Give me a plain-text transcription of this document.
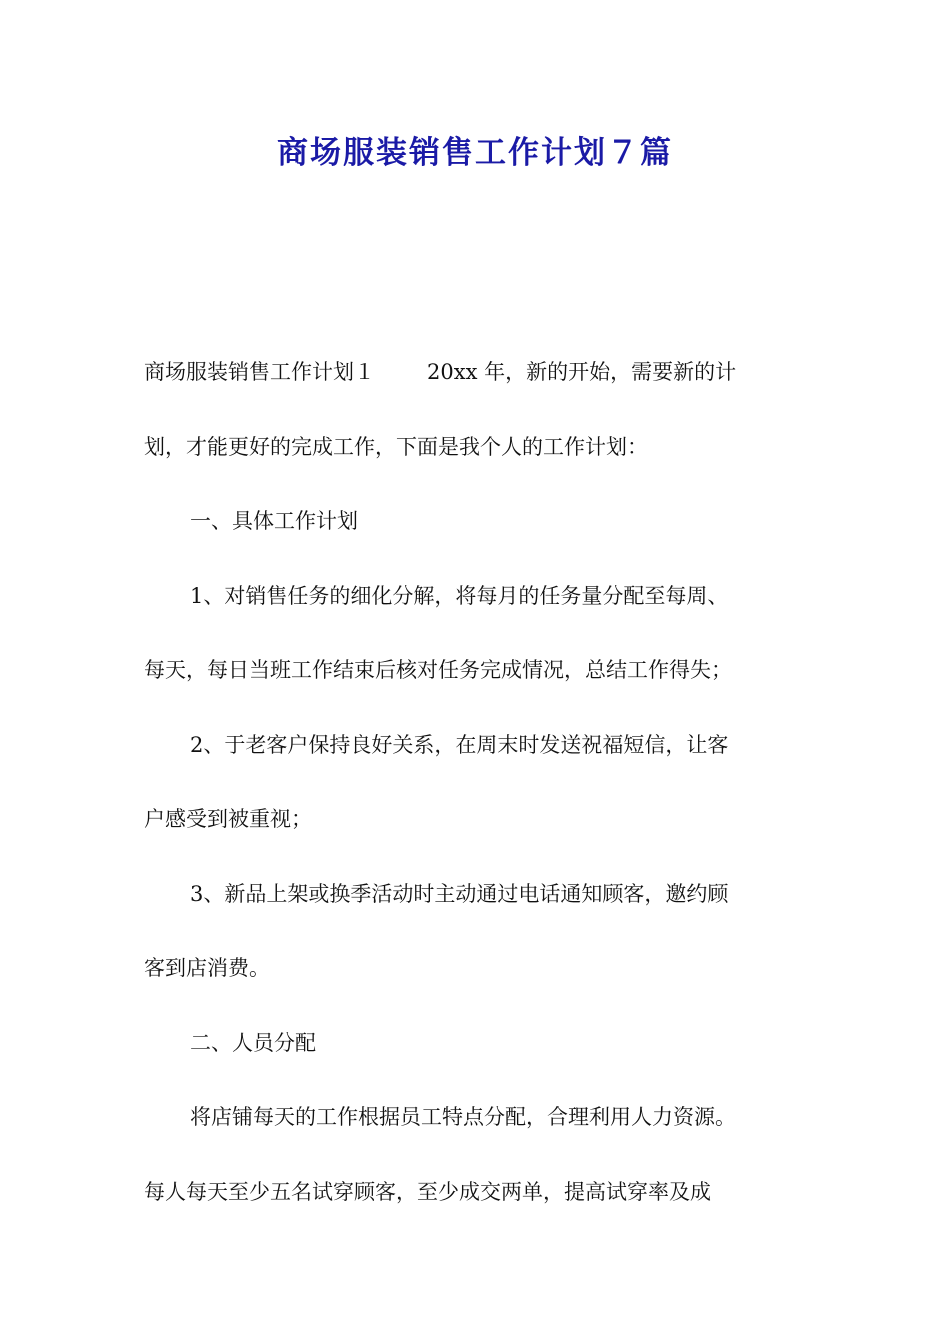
商场服装销售工作计划７篇
商场服装销售工作计划１ 20xx 年，新的开始，需要新的计
划，才能更好的完成工作，下面是我个人的工作计划：
一、具体工作计划
1、对销售任务的细化分解，将每月的任务量分配至每周、
每天，每日当班工作结束后核对任务完成情况，总结工作得失；
2、于老客户保持良好关系，在周末时发送祝福短信，让客
户感受到被重视；
3、新品上架或换季活动时主动通过电话通知顾客，邀约顾
客到店消费。
二、人员分配
将店铺每天的工作根据员工特点分配，合理利用人力资源。
每人每天至少五名试穿顾客，至少成交两单，提高试穿率及成
